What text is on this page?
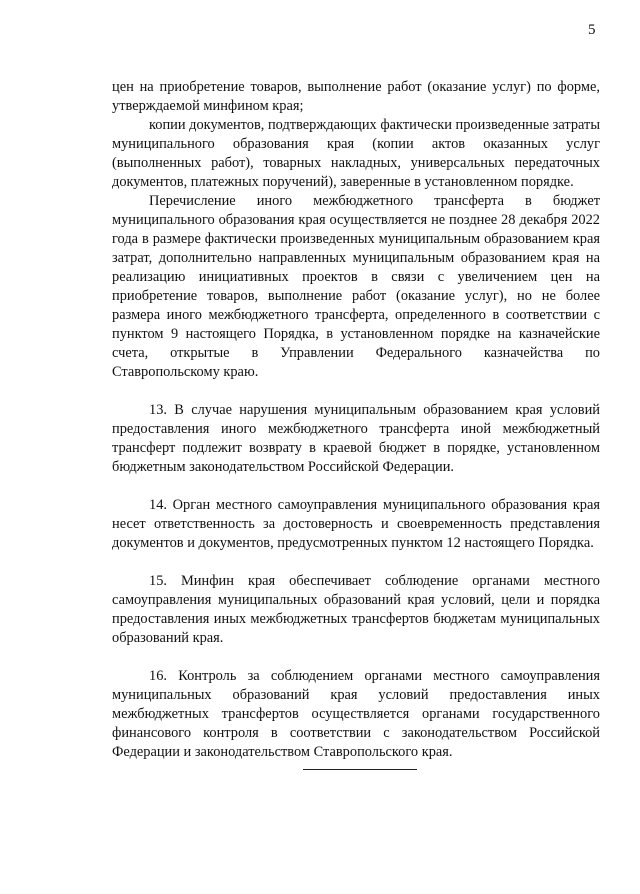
5

цен на приобретение товаров, выполнение работ (оказание услуг) по форме, утверждаемой минфином края;

копии документов, подтверждающих фактически произведенные затраты муниципального образования края (копии актов оказанных услуг (выполненных работ), товарных накладных, универсальных передаточных документов, платежных поручений), заверенные в установленном порядке.

Перечисление иного межбюджетного трансферта в бюджет муниципального образования края осуществляется не позднее 28 декабря 2022 года в размере фактически произведенных муниципальным образованием края затрат, дополнительно направленных муниципальным образованием края на реализацию инициативных проектов в связи с увеличением цен на приобретение товаров, выполнение работ (оказание услуг), но не более размера иного межбюджетного трансферта, определенного в соответствии с пунктом 9 настоящего Порядка, в установленном порядке на казначейские счета, открытые в Управлении Федерального казначейства по Ставропольскому краю.

13. В случае нарушения муниципальным образованием края условий предоставления иного межбюджетного трансферта иной межбюджетный трансферт подлежит возврату в краевой бюджет в порядке, установленном бюджетным законодательством Российской Федерации.

14. Орган местного самоуправления муниципального образования края несет ответственность за достоверность и своевременность представления документов и документов, предусмотренных пунктом 12 настоящего Порядка.

15. Минфин края обеспечивает соблюдение органами местного самоуправления муниципальных образований края условий, цели и порядка предоставления иных межбюджетных трансфертов бюджетам муниципальных образований края.

16. Контроль за соблюдением органами местного самоуправления муниципальных образований края условий предоставления иных межбюджетных трансфертов осуществляется органами государственного финансового контроля в соответствии с законодательством Российской Федерации и законодательством Ставропольского края.
